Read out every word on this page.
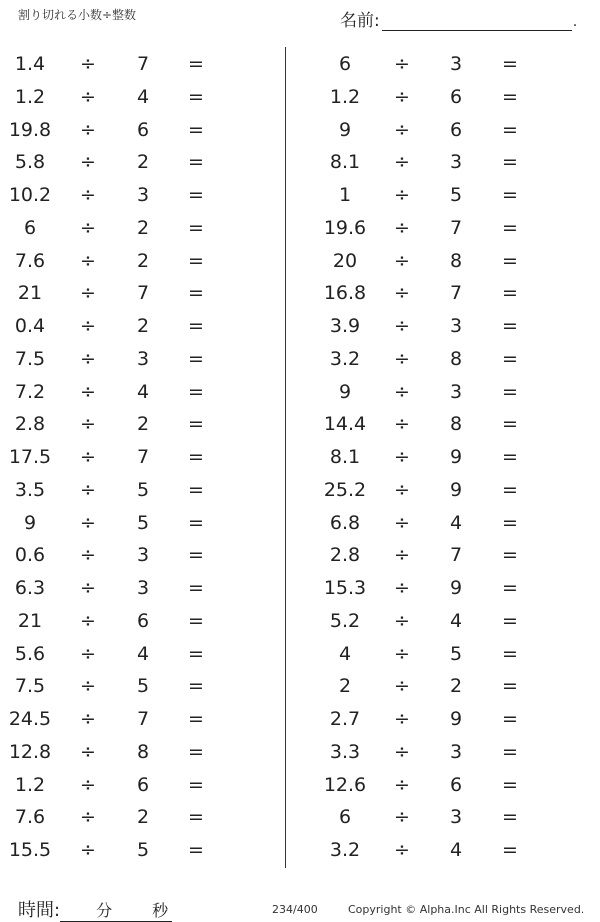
割り切れる小数÷整数	名前:	.
1.4	÷	7	=
1.2	÷	4	=
19.8 ÷	6	=
5.8	÷	2	=
10.2 ÷	3	=
6	÷	2	=
7.6	÷	2	=
21	÷	7	=
0.4	÷	2	=
7.5	÷	3	=
7.2	÷	4	=
2.8	÷	2	=
17.5 ÷	7	=
3.5	÷	5	=
9	÷	5	=
0.6	÷	3	=
6.3	÷	3	=
21	÷	6	=
5.6	÷	4	=
7.5	÷	5	=
24.5 ÷	7	=
12.8 ÷	8	=
1.2	÷	6	=
7.6	÷	2	=
15.5 ÷	5	=
6	÷	3	=
1.2	÷	6	=
9	÷	6	=
8.1	÷	3	=
1	÷	5	=
19.6 ÷	7	=
20	÷	8	=
16.8 ÷	7	=
3.9	÷	3	=
3.2	÷	8	=
9	÷	3	=
14.4 ÷	8	=
8.1	÷	9	=
25.2 ÷	9	=
6.8	÷	4	=
2.8	÷	7	=
15.3 ÷	9	=
5.2	÷	4	=
4	÷	5	=
2	÷	2	=
2.7	÷	9	=
3.3	÷	3	=
12.6 ÷	6	=
6	÷	3	=
3.2	÷	4	=
時間: 分 秒	234/400	Copyright © Alpha.Inc All Rights Reserved.
